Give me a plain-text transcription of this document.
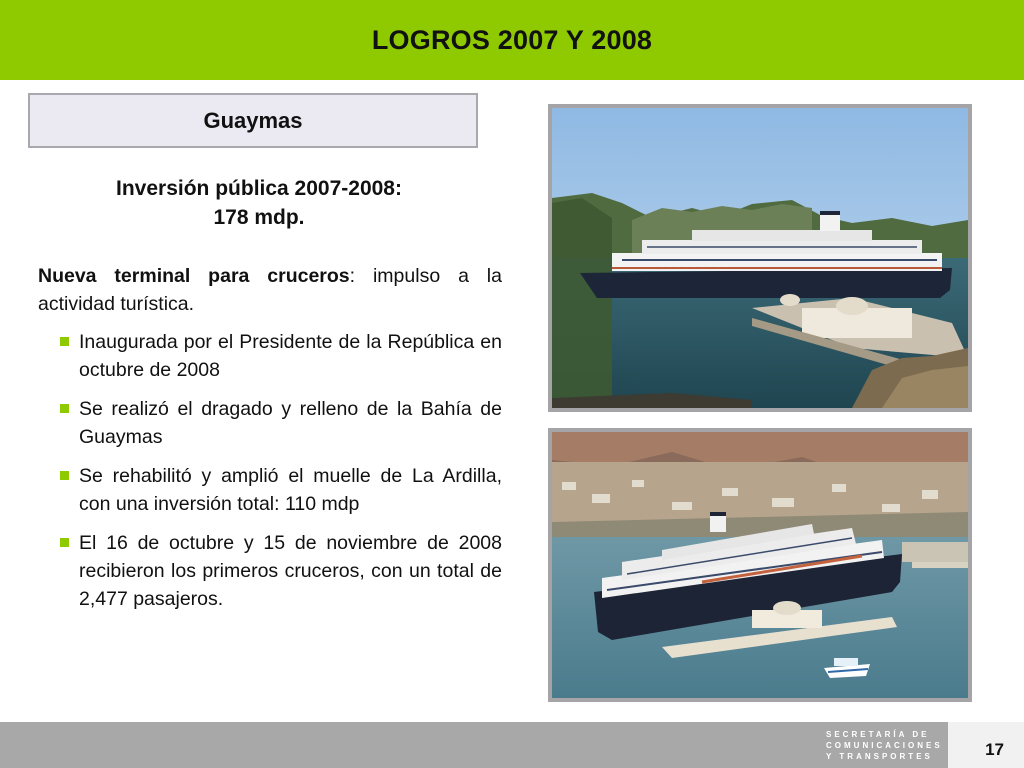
LOGROS 2007 Y 2008
Guaymas
Inversión pública 2007-2008:
178 mdp.

Nueva terminal para cruceros: impulso a la actividad turística.

Inaugurada por el Presidente de la República en octubre de 2008
Se realizó el dragado y relleno de la Bahía de Guaymas
Se rehabilitó y amplió el muelle de La Ardilla, con una inversión total: 110 mdp
El 16 de octubre y 15 de noviembre de 2008 recibieron los primeros cruceros, con un total de 2,477 pasajeros.
SECRETARÍA DE
COMUNICACIONES
Y TRANSPORTES	17
